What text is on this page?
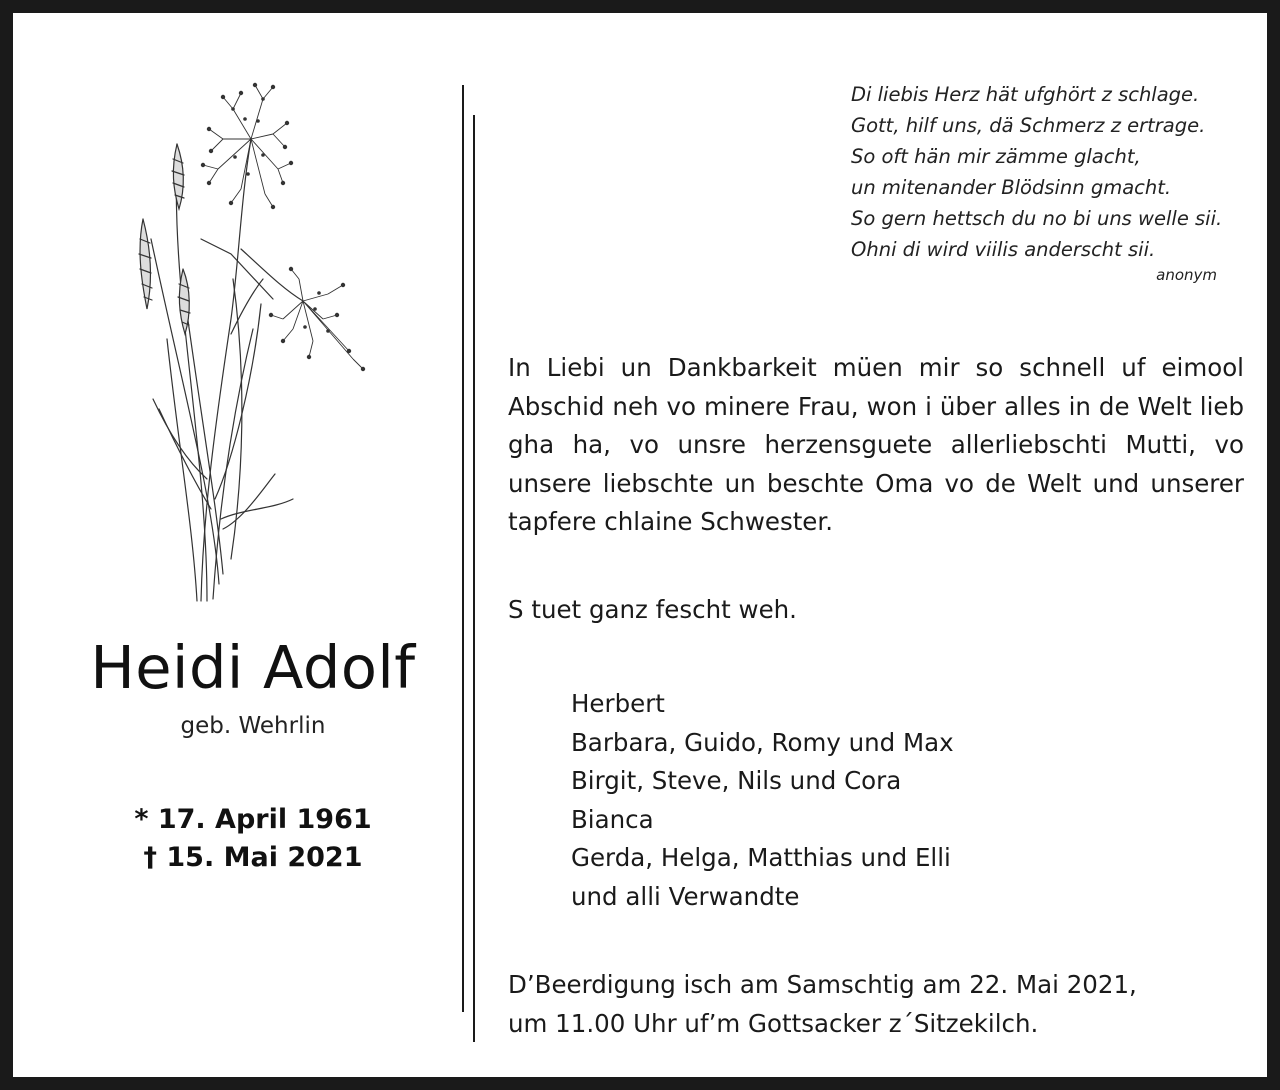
Heidi Adolf
geb. Wehrlin
* 17. April 1961
† 15. Mai 2021
Di liebis Herz hät ufghört z schlage.
Gott, hilf uns, dä Schmerz z ertrage.
So oft hän mir zämme glacht,
un mitenander Blödsinn gmacht.
So gern hettsch du no bi uns welle sii.
Ohni di wird viilis anderscht sii.
anonym
In Liebi un Dankbarkeit müen mir so schnell uf eimool Abschid neh vo minere Frau, won i über alles in de Welt lieb gha ha, vo unsre herzensguete allerliebschti Mutti, vo unsere liebschte un beschte Oma vo de Welt und unserer tapfere chlaine Schwester.
S tuet ganz fescht weh.
Herbert
Barbara, Guido, Romy und Max
Birgit, Steve, Nils und Cora
Bianca
Gerda, Helga, Matthias und Elli
und alli Verwandte
D’Beerdigung isch am Samschtig am 22. Mai 2021,
um 11.00 Uhr uf’m Gottsacker z´Sitzekilch.
